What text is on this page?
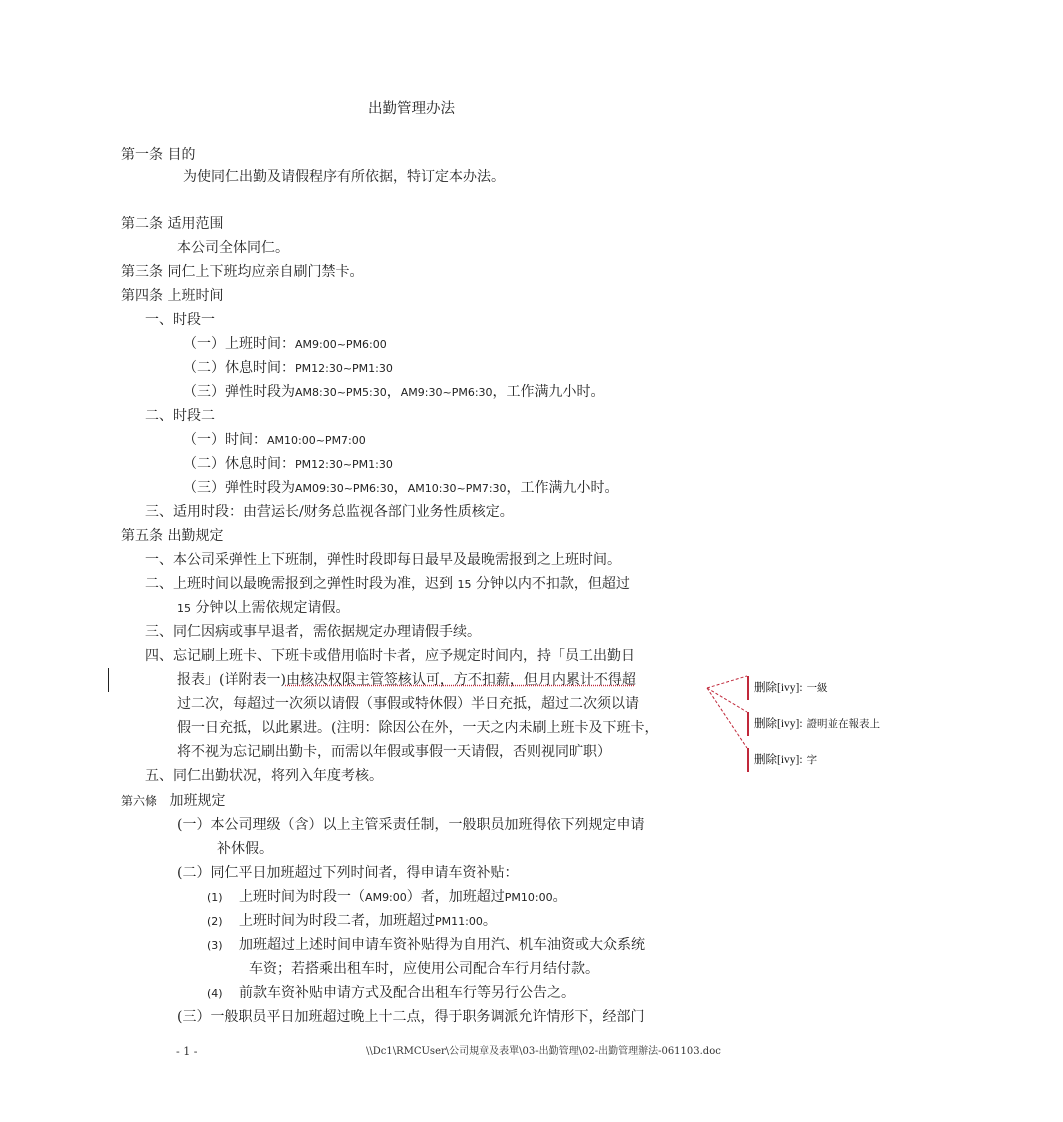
出勤管理办法
第一条 目的
为使同仁出勤及请假程序有所依据，特订定本办法。
第二条 适用范围
本公司全体同仁。
第三条 同仁上下班均应亲自刷门禁卡。
第四条 上班时间
一、时段一
（一）上班时间：AM9:00~PM6:00
（二）休息时间：PM12:30~PM1:30
（三）弹性时段为AM8:30~PM5:30，AM9:30~PM6:30，工作满九小时。
二、时段二
（一）时间：AM10:00~PM7:00
（二）休息时间：PM12:30~PM1:30
（三）弹性时段为AM09:30~PM6:30，AM10:30~PM7:30，工作满九小时。
三、适用时段：由营运长/财务总监视各部门业务性质核定。
第五条 出勤规定
一、本公司采弹性上下班制，弹性时段即每日最早及最晚需报到之上班时间。
二、上班时间以最晚需报到之弹性时段为准，迟到 15 分钟以内不扣款，但超过
15 分钟以上需依规定请假。
三、同仁因病或事早退者，需依据规定办理请假手续。
四、忘记刷上班卡、下班卡或借用临时卡者，应予规定时间内，持「员工出勤日
报表」(详附表一)由核决权限主管签核认可，方不扣薪，但月内累计不得超
过二次，每超过一次须以请假（事假或特休假）半日充抵，超过二次须以请
假一日充抵，以此累进。(注明：除因公在外，一天之内未刷上班卡及下班卡，
将不视为忘记刷出勤卡，而需以年假或事假一天请假，否则视同旷职）
五、同仁出勤状况，将列入年度考核。
第六條 加班规定
(一）本公司理级（含）以上主管采责任制，一般职员加班得依下列规定申请
补休假。
(二）同仁平日加班超过下列时间者，得申请车资补贴：
(1) 上班时间为时段一（AM9:00）者，加班超过PM10:00。
(2) 上班时间为时段二者，加班超过PM11:00。
(3) 加班超过上述时间申请车资补贴得为自用汽、机车油资或大众系统
车资；若搭乘出租车时，应使用公司配合车行月结付款。
(4) 前款车资补贴申请方式及配合出租车行等另行公告之。
(三）一般职员平日加班超过晚上十二点，得于职务调派允许情形下，经部门
- 1 -	\\Dc1\RMCUser\公司規章及表單\03-出勤管理\02-出勤管理辦法-061103.doc
删除[ivy]: 一級
删除[ivy]: 證明並在報表上
删除[ivy]: 字
